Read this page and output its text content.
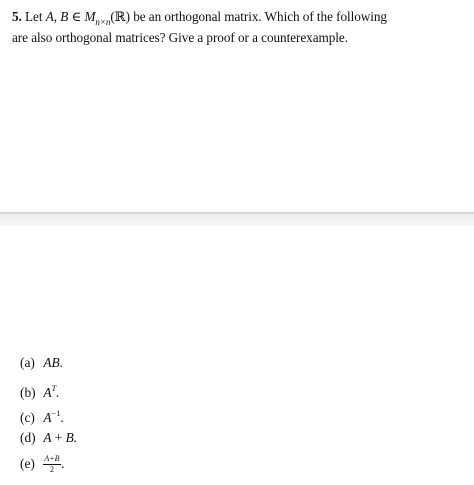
5. Let A, B ∈ $M_{n\times n}(ℝ)$ be an orthogonal matrix. Which of the following
are also orthogonal matrices? Give a proof or a counterexample.
(a) AB.
(b) $A^T$.
(c) $A^{-1}$.
(d) A + B.
$(e) \frac{A+B}{2}$ .
